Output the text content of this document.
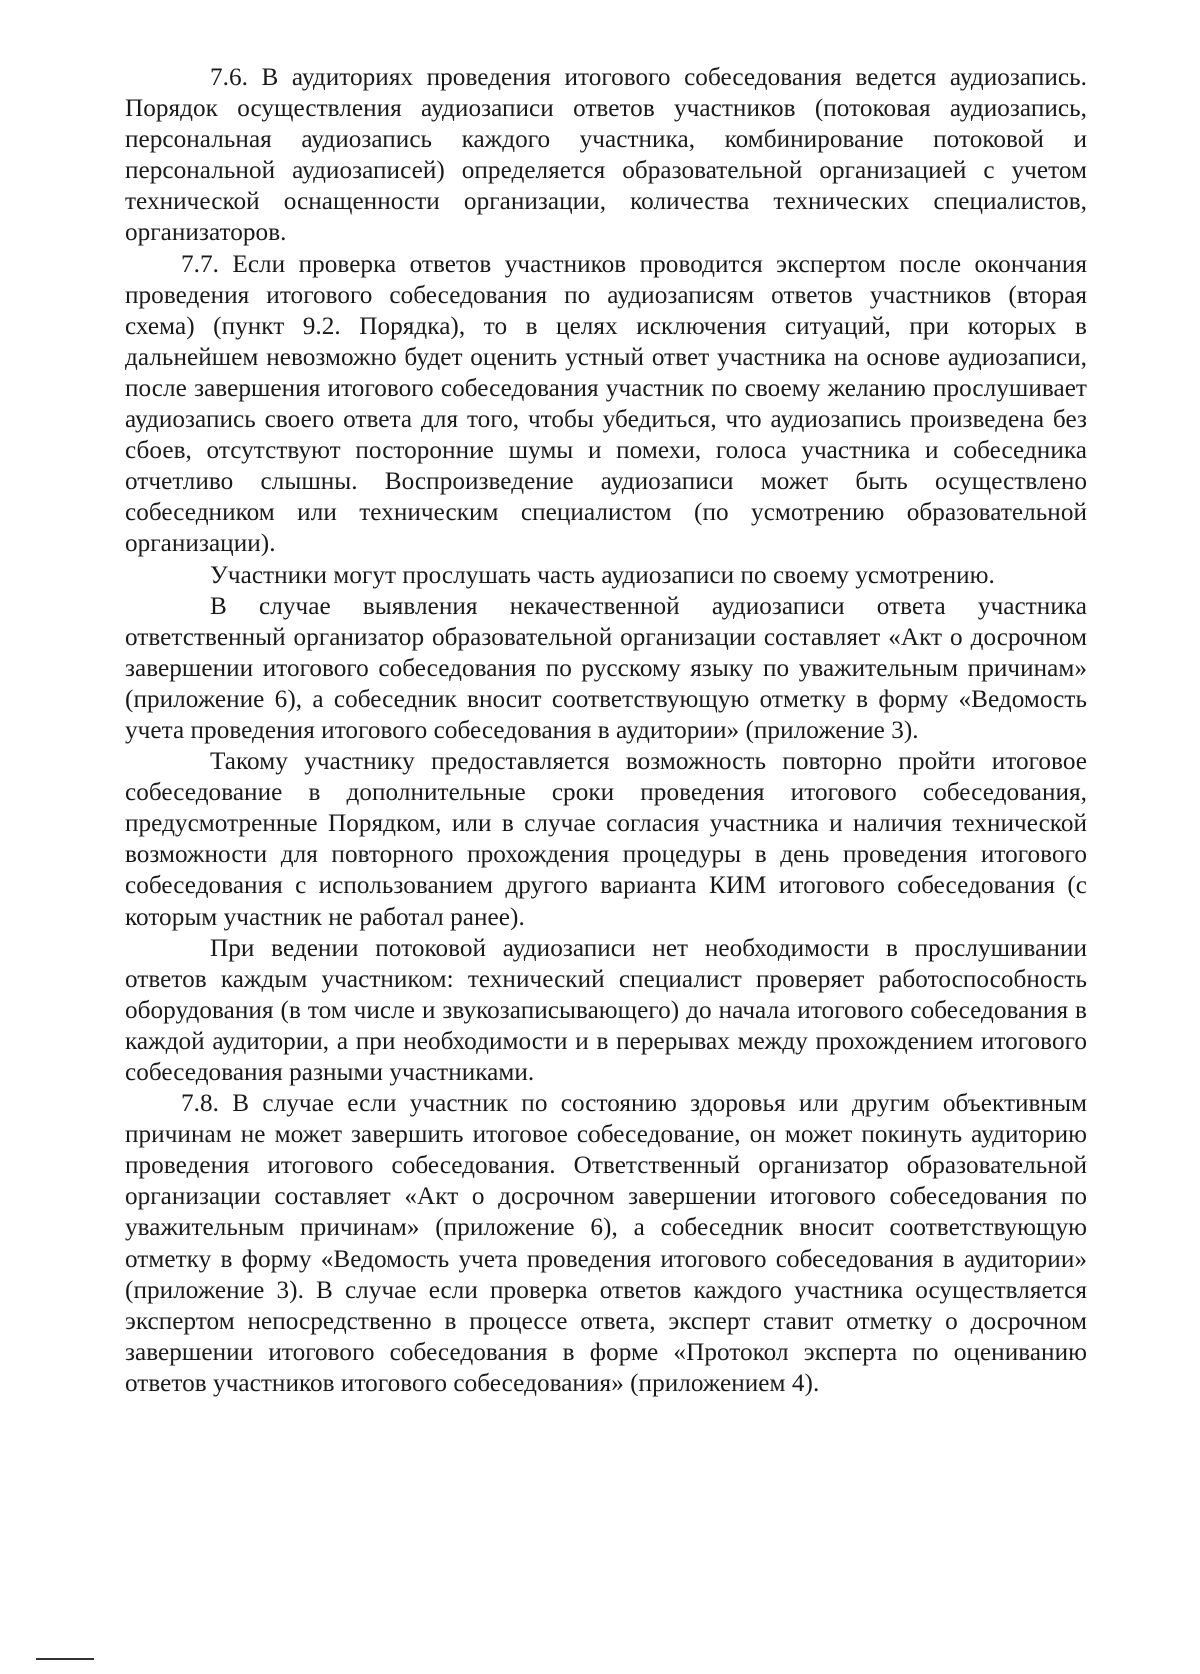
7.6. В аудиториях проведения итогового собеседования ведется аудиозапись. Порядок осуществления аудиозаписи ответов участников (потоковая аудиозапись, персональная аудиозапись каждого участника, комбинирование потоковой и персональной аудиозаписей) определяется образовательной организацией с учетом технической оснащенности организации, количества технических специалистов, организаторов.

7.7. Если проверка ответов участников проводится экспертом после окончания проведения итогового собеседования по аудиозаписям ответов участников (вторая схема) (пункт 9.2. Порядка), то в целях исключения ситуаций, при которых в дальнейшем невозможно будет оценить устный ответ участника на основе аудиозаписи, после завершения итогового собеседования участник по своему желанию прослушивает аудиозапись своего ответа для того, чтобы убедиться, что аудиозапись произведена без сбоев, отсутствуют посторонние шумы и помехи, голоса участника и собеседника отчетливо слышны. Воспроизведение аудиозаписи может быть осуществлено собеседником или техническим специалистом (по усмотрению образовательной организации).

Участники могут прослушать часть аудиозаписи по своему усмотрению.

В случае выявления некачественной аудиозаписи ответа участника ответственный организатор образовательной организации составляет «Акт о досрочном завершении итогового собеседования по русскому языку по уважительным причинам» (приложение 6), а собеседник вносит соответствующую отметку в форму «Ведомость учета проведения итогового собеседования в аудитории» (приложение 3).

Такому участнику предоставляется возможность повторно пройти итоговое собеседование в дополнительные сроки проведения итогового собеседования, предусмотренные Порядком, или в случае согласия участника и наличия технической возможности для повторного прохождения процедуры в день проведения итогового собеседования с использованием другого варианта КИМ итогового собеседования (с которым участник не работал ранее).

При ведении потоковой аудиозаписи нет необходимости в прослушивании ответов каждым участником: технический специалист проверяет работоспособность оборудования (в том числе и звукозаписывающего) до начала итогового собеседования в каждой аудитории, а при необходимости и в перерывах между прохождением итогового собеседования разными участниками.

7.8. В случае если участник по состоянию здоровья или другим объективным причинам не может завершить итоговое собеседование, он может покинуть аудиторию проведения итогового собеседования. Ответственный организатор образовательной организации составляет «Акт о досрочном завершении итогового собеседования по уважительным причинам» (приложение 6), а собеседник вносит соответствующую отметку в форму «Ведомость учета проведения итогового собеседования в аудитории» (приложение 3). В случае если проверка ответов каждого участника осуществляется экспертом непосредственно в процессе ответа, эксперт ставит отметку о досрочном завершении итогового собеседования в форме «Протокол эксперта по оцениванию ответов участников итогового собеседования» (приложением 4).
